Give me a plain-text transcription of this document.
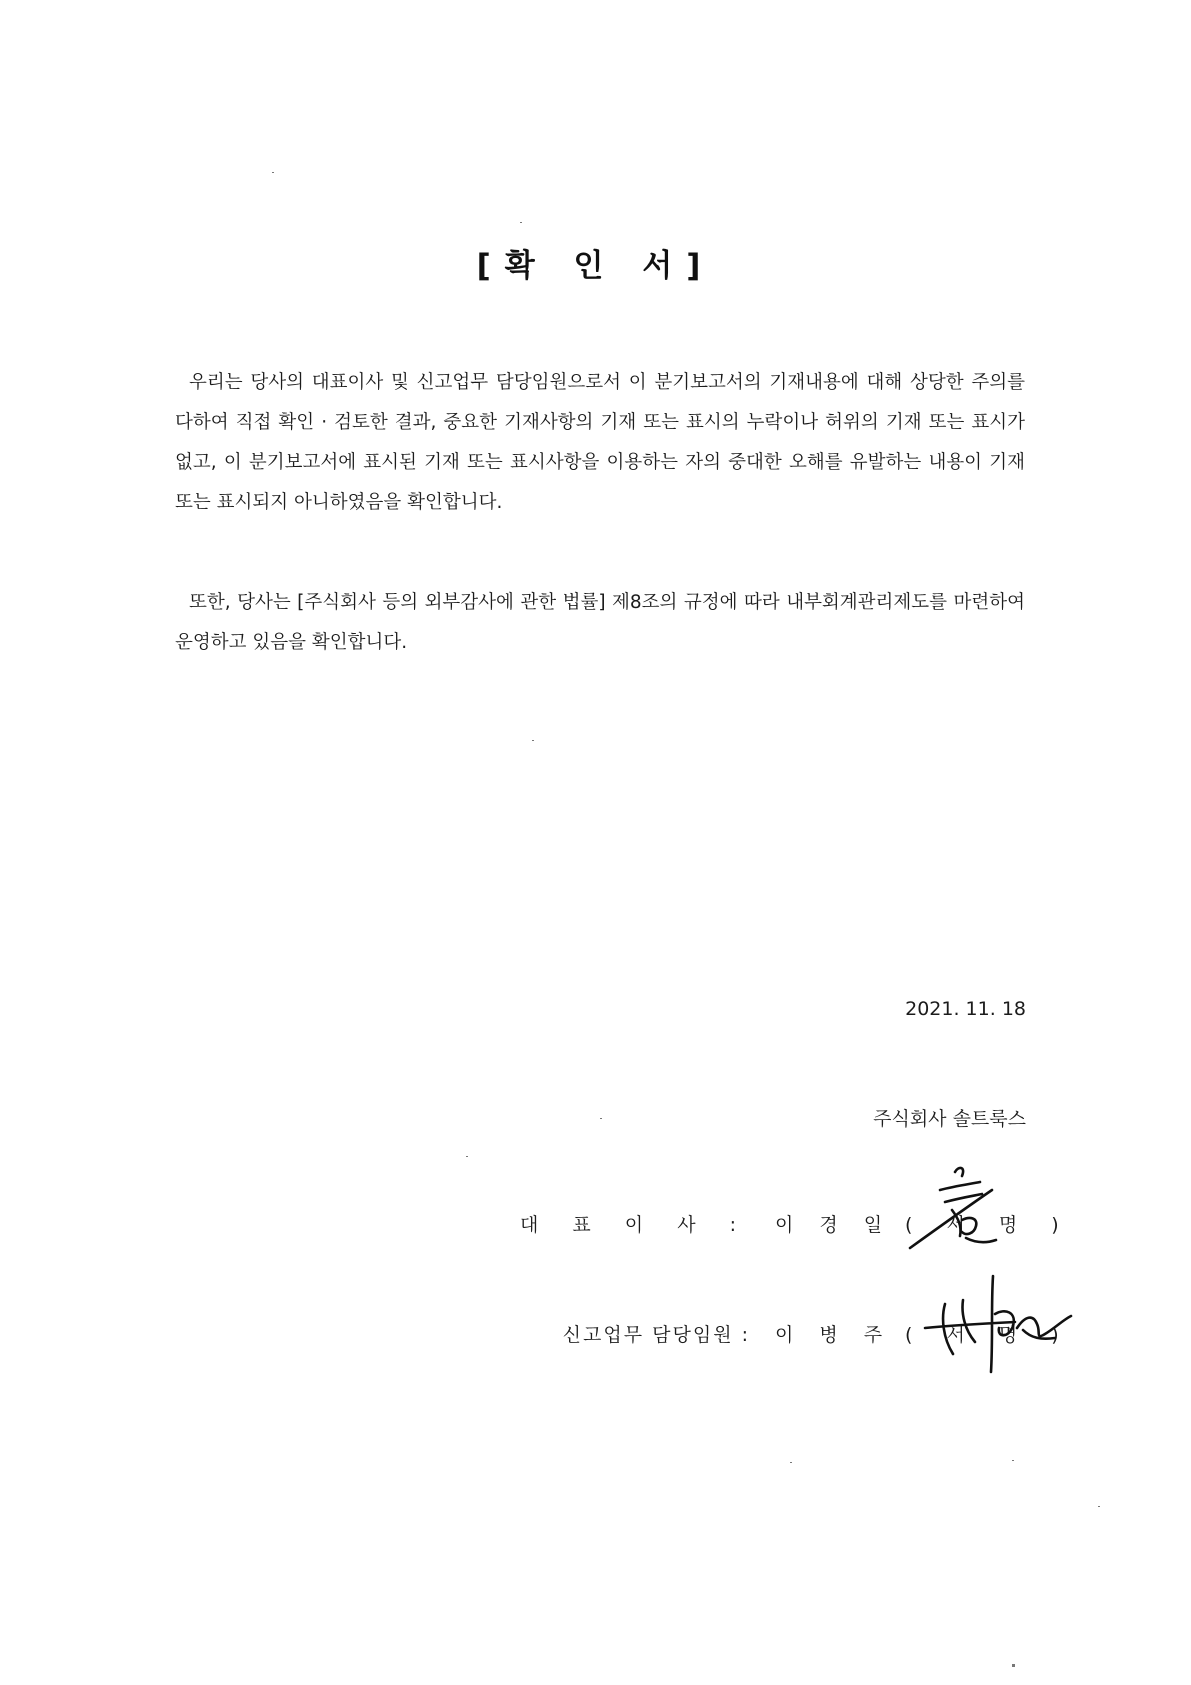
[확 인 서]
우리는 당사의 대표이사 및 신고업무 담당임원으로서 이 분기보고서의 기재내용에 대해 상당한 주의를 다하여 직접 확인 · 검토한 결과, 중요한 기재사항의 기재 또는 표시의 누락이나 허위의 기재 또는 표시가 없고, 이 분기보고서에 표시된 기재 또는 표시사항을 이용하는 자의 중대한 오해를 유발하는 내용이 기재 또는 표시되지 아니하였음을 확인합니다.
또한, 당사는 [주식회사 등의 외부감사에 관한 법률] 제8조의 규정에 따라 내부회계관리제도를 마련하여 운영하고 있음을 확인합니다.
2021. 11. 18
주식회사 솔트룩스
대 표 이 사 : 이 경 일 ( 서 명 )
신고업무 담당임원 : 이 병 주 ( 서 명 )
